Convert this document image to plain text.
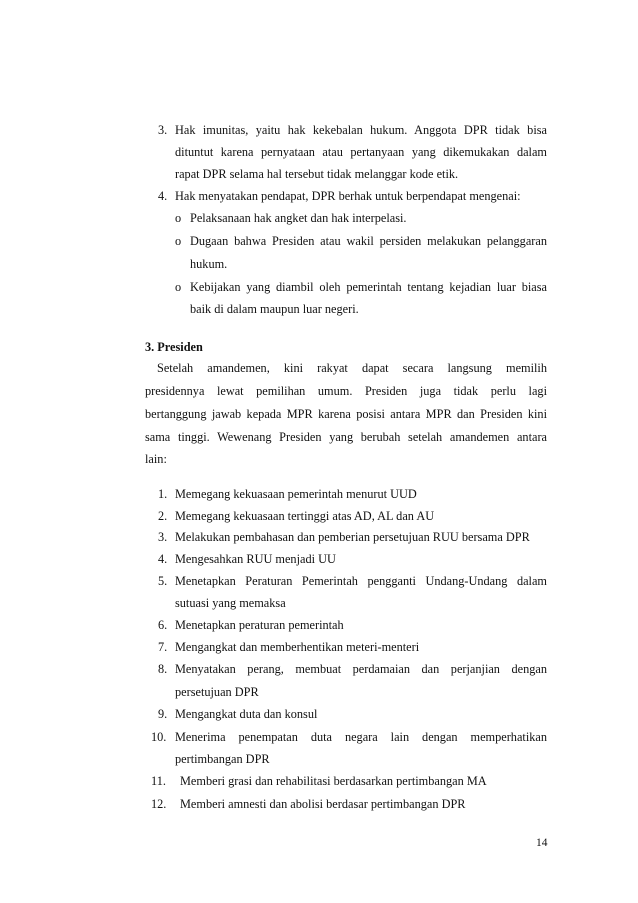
3. Hak imunitas, yaitu hak kekebalan hukum. Anggota DPR tidak bisa
dituntut karena pernyataan atau pertanyaan yang dikemukakan dalam
rapat DPR selama hal tersebut tidak melanggar kode etik.
4. Hak menyatakan pendapat, DPR berhak untuk berpendapat mengenai:
o Pelaksanaan hak angket dan hak interpelasi.
o Dugaan bahwa Presiden atau wakil persiden melakukan pelanggaran
hukum.
o Kebijakan yang diambil oleh pemerintah tentang kejadian luar biasa
baik di dalam maupun luar negeri.
3. Presiden
Setelah amandemen, kini rakyat dapat secara langsung memilih
presidennya lewat pemilihan umum. Presiden juga tidak perlu lagi
bertanggung jawab kepada MPR karena posisi antara MPR dan Presiden kini
sama tinggi. Wewenang Presiden yang berubah setelah amandemen antara
lain:
1. Memegang kekuasaan pemerintah menurut UUD
2. Memegang kekuasaan tertinggi atas AD, AL dan AU
3. Melakukan pembahasan dan pemberian persetujuan RUU bersama DPR
4. Mengesahkan RUU menjadi UU
5. Menetapkan Peraturan Pemerintah pengganti Undang-Undang dalam
sutuasi yang memaksa
6. Menetapkan peraturan pemerintah
7. Mengangkat dan memberhentikan meteri-menteri
8. Menyatakan perang, membuat perdamaian dan perjanjian dengan
persetujuan DPR
9. Mengangkat duta dan konsul
10. Menerima penempatan duta negara lain dengan memperhatikan
pertimbangan DPR
11. Memberi grasi dan rehabilitasi berdasarkan pertimbangan MA
12. Memberi amnesti dan abolisi berdasar pertimbangan DPR
14
